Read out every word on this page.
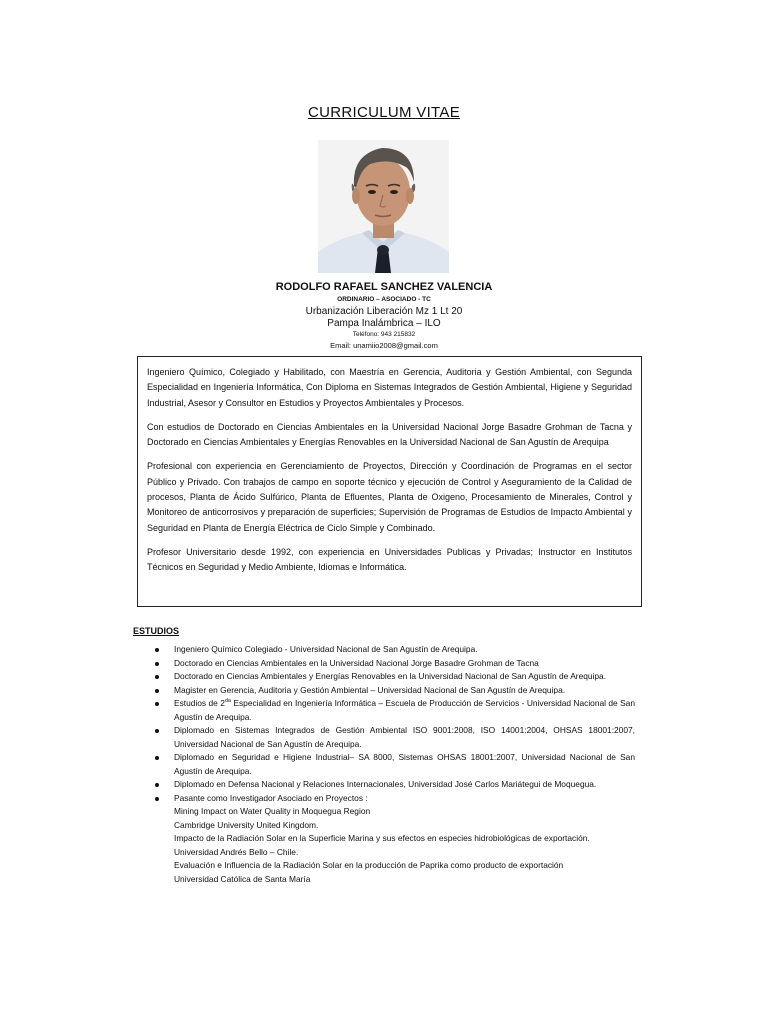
CURRICULUM VITAE
RODOLFO RAFAEL SANCHEZ VALENCIA
ORDINARIO – ASOCIADO - TC
Urbanización Liberación Mz 1 Lt 20
Pampa Inalámbrica – ILO
Teléfono: 943 215832
Email: unamiio2008@gmail.com

Ingeniero Químico, Colegiado y Habilitado, con Maestría en Gerencia, Auditoria y Gestión Ambiental, con Segunda Especialidad en Ingeniería Informática, Con Diploma en Sistemas Integrados de Gestión Ambiental, Higiene y Seguridad Industrial, Asesor y Consultor en Estudios y Proyectos Ambientales y Procesos.

Con estudios de Doctorado en Ciencias Ambientales en la Universidad Nacional Jorge Basadre Grohman de Tacna y Doctorado en Ciencias Ambientales y Energías Renovables en la Universidad Nacional de San Agustín de Arequipa

Profesional con experiencia en Gerenciamiento de Proyectos, Dirección y Coordinación de Programas en el sector Público y Privado. Con trabajos de campo en soporte técnico y ejecución de Control y Aseguramiento de la Calidad de procesos, Planta de Ácido Sulfúrico, Planta de Efluentes, Planta de Oxigeno, Procesamiento de Minerales, Control y Monitoreo de anticorrosivos y preparación de superficies; Supervisión de Programas de Estudios de Impacto Ambiental y Seguridad en Planta de Energía Eléctrica de Ciclo Simple y Combinado.

Profesor Universitario desde 1992, con experiencia en Universidades Publicas y Privadas; Instructor en Institutos Técnicos en Seguridad y Medio Ambiente, Idiomas e Informática.

ESTUDIOS
Ingeniero Químico Colegiado - Universidad Nacional de San Agustín de Arequipa.
Doctorado en Ciencias Ambientales en la Universidad Nacional Jorge Basadre Grohman de Tacna
Doctorado en Ciencias Ambientales y Energías Renovables en la Universidad Nacional de San Agustín de Arequipa.
Magister en Gerencia, Auditoria y Gestión Ambiental – Universidad Nacional de San Agustín de Arequipa.
Estudios de $2^{da}$ Especialidad en Ingeniería Informática – Escuela de Producción de Servicios - Universidad Nacional de San Agustín de Arequipa.
Diplomado en Sistemas Integrados de Gestión Ambiental ISO 9001:2008, ISO 14001:2004, OHSAS 18001:2007, Universidad Nacional de San Agustín de Arequipa.
Diplomado en Seguridad e Higiene Industrial– SA 8000, Sistemas OHSAS 18001:2007, Universidad Nacional de San Agustín de Arequipa.
Diplomado en Defensa Nacional y Relaciones Internacionales, Universidad José Carlos Mariátegui de Moquegua.
Pasante como Investigador Asociado en Proyectos :
Mining Impact on Water Quality in Moquegua Region
Cambridge University United Kingdom.
Impacto de la Radiación Solar en la Superficie Marina y sus efectos en especies hidrobiológicas de exportación.
Universidad Andrés Bello – Chile.
Evaluación e Influencia de la Radiación Solar en la producción de Paprika como producto de exportación
Universidad Católica de Santa María
